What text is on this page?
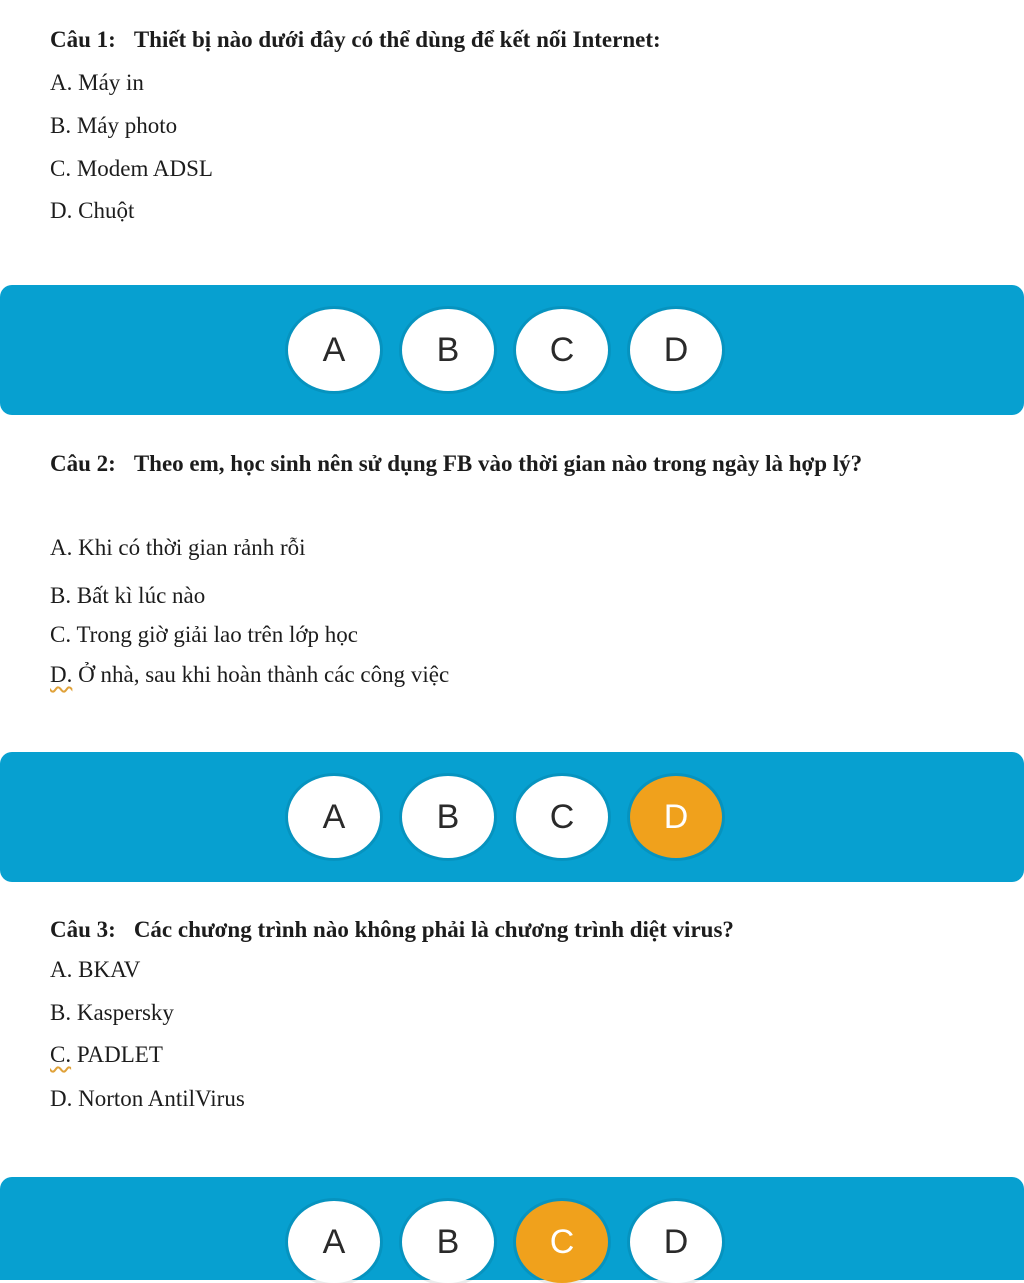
Câu 1: Thiết bị nào dưới đây có thể dùng để kết nối Internet:

A. Máy in

B. Máy photo

C. Modem ADSL

D. Chuột

A	B	C	D

Câu 2: Theo em, học sinh nên sử dụng FB vào thời gian nào trong ngày là hợp lý?

A. Khi có thời gian rảnh rỗi

B. Bất kì lúc nào

C. Trong giờ giải lao trên lớp học

D. Ở nhà, sau khi hoàn thành các công việc

A	B	C	D

Câu 3: Các chương trình nào không phải là chương trình diệt virus?

A. BKAV

B. Kaspersky

C. PADLET

D. Norton AntilVirus

A	B	C	D
